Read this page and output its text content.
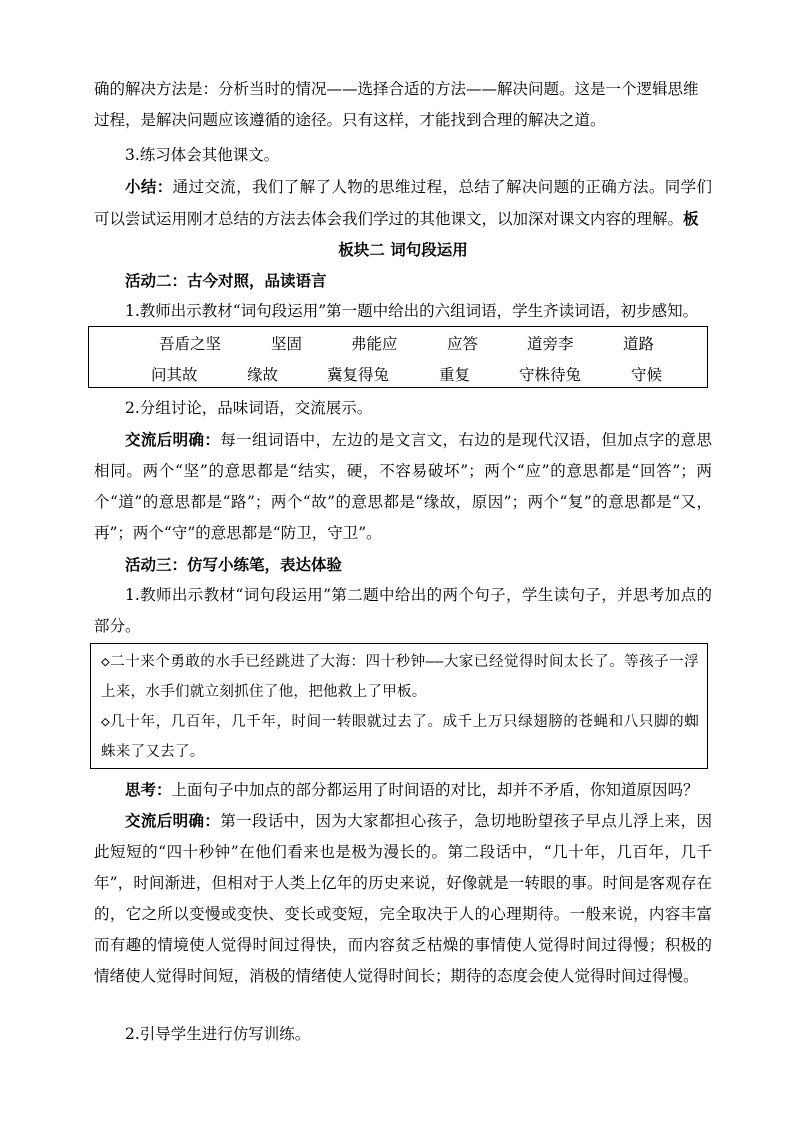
确的解决方法是：分析当时的情况——选择合适的方法——解决问题。这是一个逻辑思维

过程，是解决问题应该遵循的途径。只有这样，才能找到合理的解决之道。

3.练习体会其他课文。

小结：通过交流，我们了解了人物的思维过程，总结了解决问题的正确方法。同学们可以尝试运用刚才总结的方法去体会我们学过的其他课文，以加深对课文内容的理解。板

板块二 词句段运用

活动二：古今对照，品读语言

1.教师出示教材“词句段运用”第一题中给出的六组词语，学生齐读词语，初步感知。

吾盾之坚	坚固	弗能应	应答	道旁李	道路
问其故	缘故	冀复得兔	重复	守株待兔	守候

2.分组讨论，品味词语，交流展示。

交流后明确：每一组词语中，左边的是文言文，右边的是现代汉语，但加点字的意思相同。两个“坚”的意思都是“结实，硬，不容易破坏”；两个“应”的意思都是“回答”；两个“道”的意思都是“路”；两个“故”的意思都是“缘故，原因”；两个“复”的意思都是“又，再”；两个“守”的意思都是“防卫，守卫”。

活动三：仿写小练笔，表达体验

1.教师出示教材“词句段运用”第二题中给出的两个句子，学生读句子，并思考加点的部分。

◇二十来个勇敢的水手已经跳进了大海：四十秒钟——大家已经觉得时间太长了。等孩子一浮上来，水手们就立刻抓住了他，把他救上了甲板。

◇几十年，几百年，几千年，时间一转眼就过去了。成千上万只绿翅膀的苍蝇和八只脚的蜘蛛来了又去了。

思考：上面句子中加点的部分都运用了时间语的对比，却并不矛盾，你知道原因吗？

交流后明确：第一段话中，因为大家都担心孩子，急切地盼望孩子早点儿浮上来，因此短短的“四十秒钟”在他们看来也是极为漫长的。第二段话中，“几十年，几百年，几千年”，时间渐进，但相对于人类上亿年的历史来说，好像就是一转眼的事。时间是客观存在的，它之所以变慢或变快、变长或变短，完全取决于人的心理期待。一般来说，内容丰富而有趣的情境使人觉得时间过得快，而内容贫乏枯燥的事情使人觉得时间过得慢；积极的情绪使人觉得时间短，消极的情绪使人觉得时间长；期待的态度会使人觉得时间过得慢。

2.引导学生进行仿写训练。
